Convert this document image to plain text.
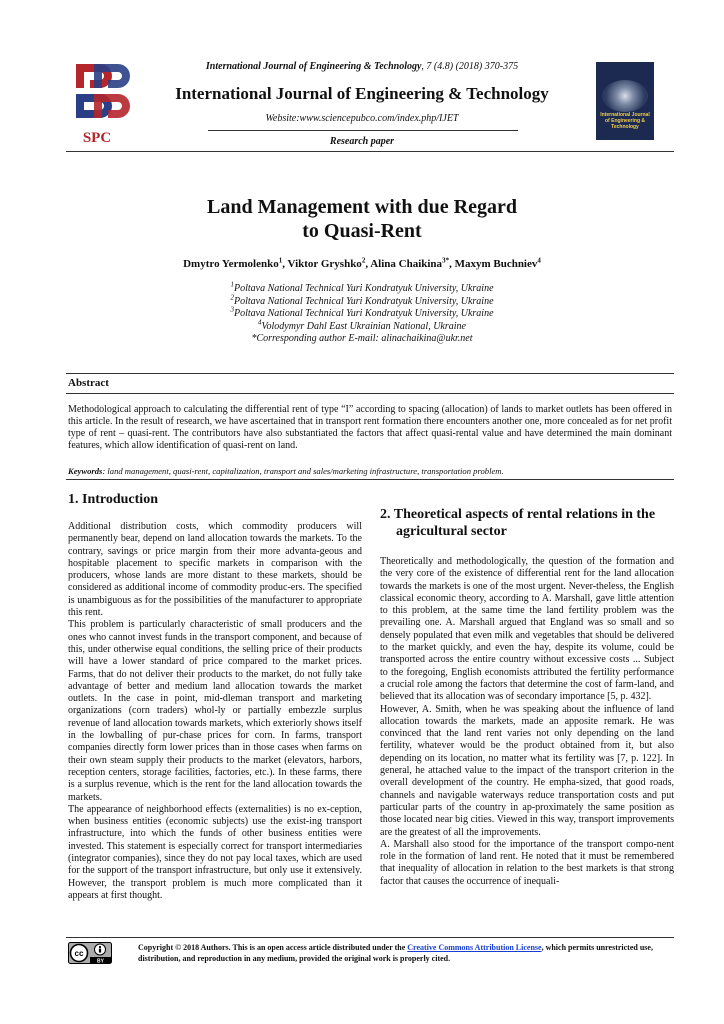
SPC
International Journal of Engineering & Technology
International Journal of Engineering & Technology, 7 (4.8) (2018) 370-375
International Journal of Engineering & Technology
Website:www.sciencepubco.com/index.php/IJET
Research paper
Land Management with due Regard
to Quasi-Rent
Dmytro Yermolenko$^1$, Viktor Gryshko$^2$, Alina Chaikina$^{3*}$, Maxym Buchniev$^4$
$^1$Poltava National Technical Yuri Kondratyuk University, Ukraine
$^2$Poltava National Technical Yuri Kondratyuk University, Ukraine
$^3$Poltava National Technical Yuri Kondratyuk University, Ukraine
$^4$Volodymyr Dahl East Ukrainian National, Ukraine
*Corresponding author E-mail: alinachaikina@ukr.net
Abstract
Methodological approach to calculating the differential rent of type “I” according to spacing (allocation) of lands to market outlets has been offered in this article. In the result of research, we have ascertained that in transport rent formation there encounters another one, more concealed as for net profit type of rent – quasi-rent. The contributors have also substantiated the factors that affect quasi-rental value and have determined the main dominant features, which allow identification of quasi-rent on land.
Keywords: land management, quasi-rent, capitalization, transport and sales/marketing infrastructure, transportation problem.
1. Introduction

Additional distribution costs, which commodity producers will permanently bear, depend on land allocation towards the markets. To the contrary, savings or price margin from their more advanta-geous and hospitable placement to specific markets in comparison with the producers, whose lands are more distant to these markets, should be considered as additional income of commodity produc-ers. The specified is unambiguous as for the possibilities of the manufacturer to appropriate this rent.

This problem is particularly characteristic of small producers and the ones who cannot invest funds in the transport component, and because of this, under otherwise equal conditions, the selling price of their products will have a lower standard of price compared to the market prices. Farms, that do not deliver their products to the market, do not fully take advantage of better and medium land allocation towards the market outlets. In the case in point, mid-dleman transport and marketing organizations (corn traders) whol-ly or partially embezzle surplus revenue of land allocation towards markets, which exteriorly shows itself in the lowballing of pur-chase prices for corn. In farms, transport companies directly form lower prices than in those cases when farms on their own steam supply their products to the market (elevators, harbors, reception centers, storage facilities, factories, etc.). In these farms, there is a surplus revenue, which is the rent for the land allocation towards the markets.

The appearance of neighborhood effects (externalities) is no ex-ception, when business entities (economic subjects) use the exist-ing transport infrastructure, into which the funds of other business entities were invested. This statement is especially correct for transport intermediaries (integrator companies), since they do not pay local taxes, which are used for the support of the transport infrastructure, but only use it extensively. However, the transport problem is much more complicated than it appears at first thought.

2. Theoretical aspects of rental relations in the
agricultural sector

Theoretically and methodologically, the question of the formation and the very core of the existence of differential rent for the land allocation towards the markets is one of the most urgent. Never-theless, the English classical economic theory, according to A. Marshall, gave little attention to this problem, at the same time the land fertility problem was the prevailing one. A. Marshall argued that England was so small and so densely populated that even milk and vegetables that should be delivered to the market quickly, and even the hay, despite its volume, could be transported across the entire country without excessive costs ... Subject to the foregoing, English economists attributed the fertility performance a crucial role among the factors that determine the cost of farm-land, and believed that its allocation was of secondary importance [5, p. 432].

However, A. Smith, when he was speaking about the influence of land allocation towards the markets, made an apposite remark. He was convinced that the land rent varies not only depending on the land fertility, whatever would be the product obtained from it, but also depending on its location, no matter what its fertility was [7, p. 122]. In general, he attached value to the impact of the transport criterion in the overall development of the country. He empha-sized, that good roads, channels and navigable waterways reduce transportation costs and put particular parts of the country in ap-proximately the same position as those located near big cities. Viewed in this way, transport improvements are the greatest of all the improvements.

A. Marshall also stood for the importance of the transport compo-nent role in the formation of land rent. He noted that it must be remembered that inequality of allocation in relation to the best markets is that strong factor that causes the occurrence of inequali-

cc
BY
Copyright © 2018 Authors. This is an open access article distributed under the Creative Commons Attribution License, which permits unrestricted use, distribution, and reproduction in any medium, provided the original work is properly cited.
